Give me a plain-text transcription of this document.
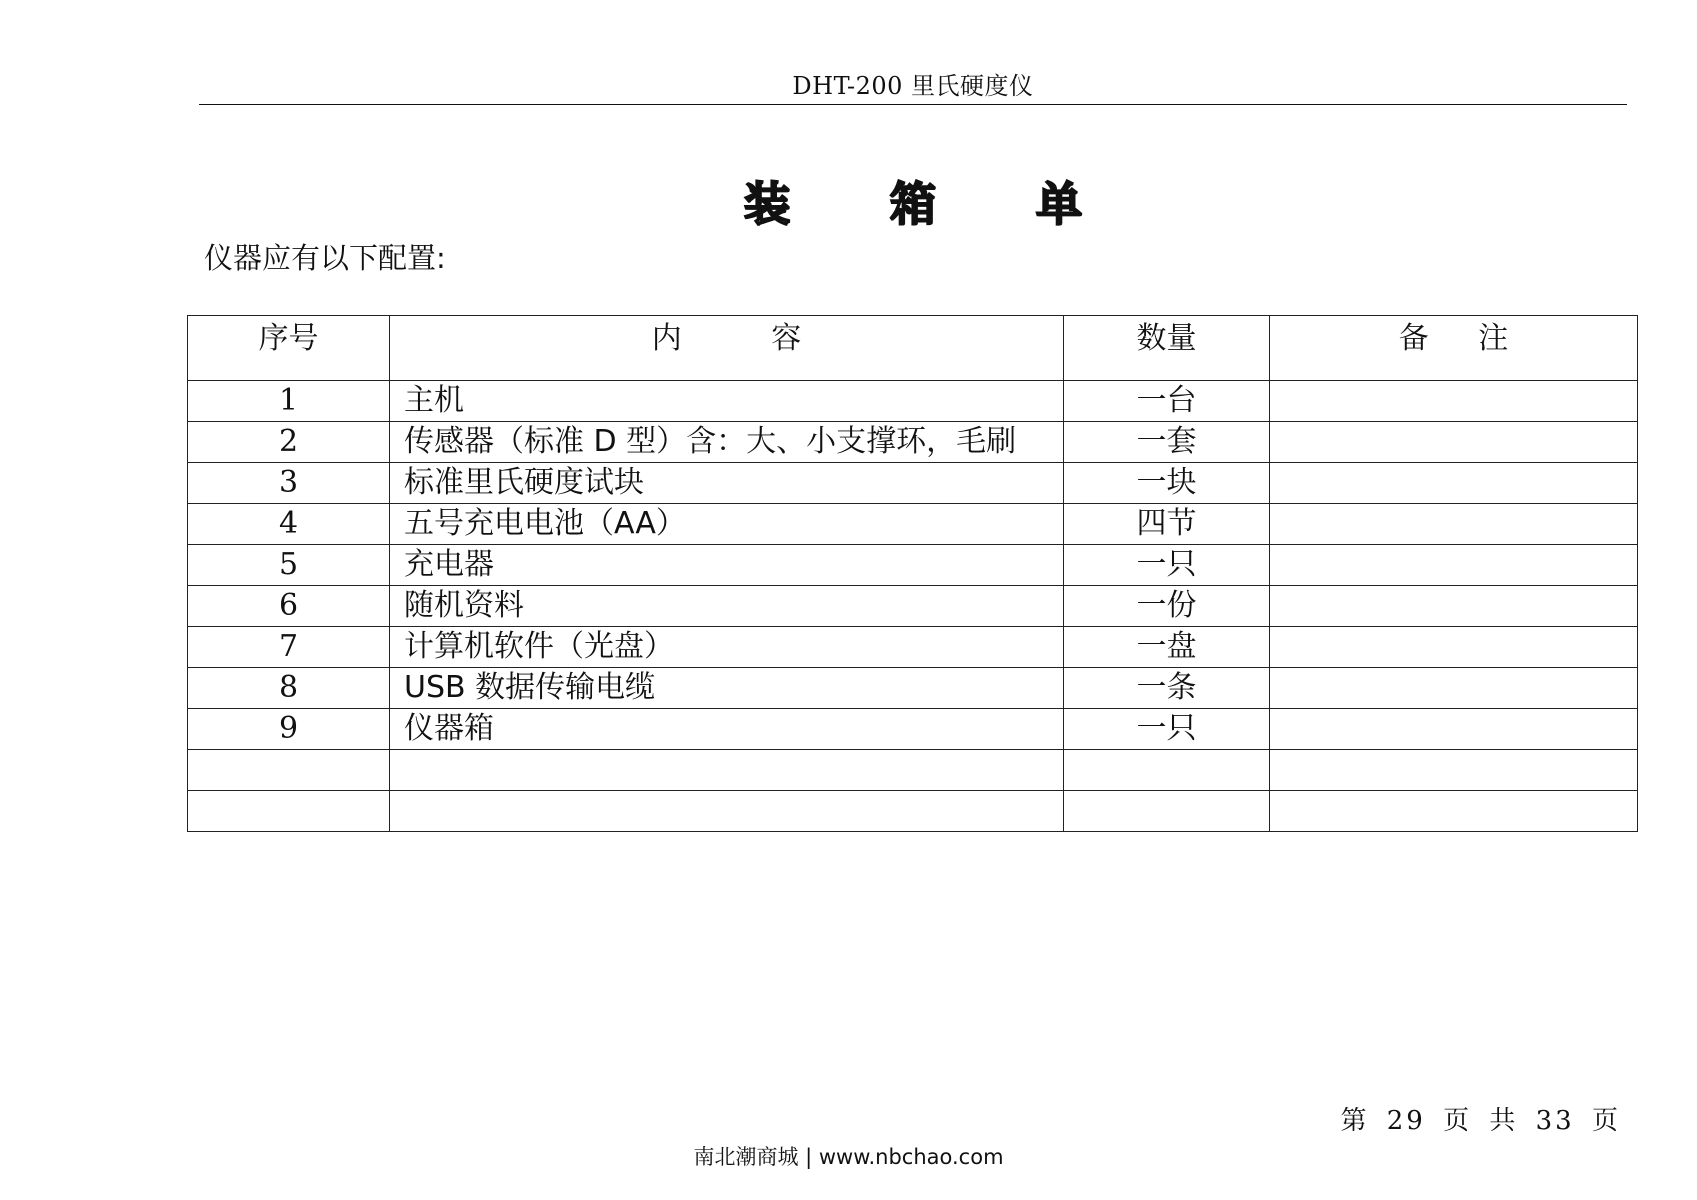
DHT-200 里氏硬度仪
装 箱 单
仪器应有以下配置:
序号	内 容	数量	备 注
1	主机	一台	
2	传感器（标准 D 型）含：大、小支撑环，毛刷	一套	
3	标准里氏硬度试块	一块	
4	五号充电电池（AA）	四节	
5	充电器	一只	
6	随机资料	一份	
7	计算机软件（光盘）	一盘	
8	USB 数据传输电缆	一条	
9	仪器箱	一只	

第 29 页 共 33 页
南北潮商城 | www.nbchao.com
